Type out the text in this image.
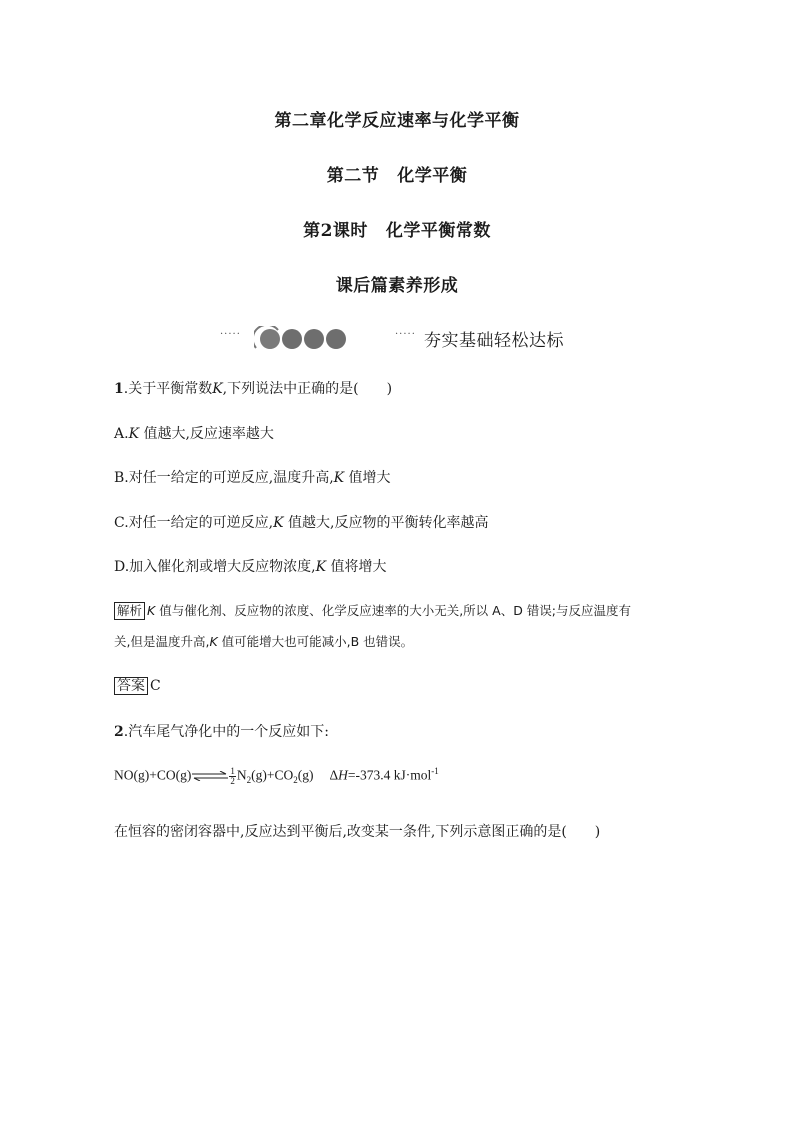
第二章化学反应速率与化学平衡
第二节 化学平衡
第2课时 化学平衡常数
课后篇素养形成
·····	····· 夯实基础轻松达标
1.关于平衡常数K,下列说法中正确的是(　　)
A.K 值越大,反应速率越大
B.对任一给定的可逆反应,温度升高,K 值增大
C.对任一给定的可逆反应,K 值越大,反应物的平衡转化率越高
D.加入催化剂或增大反应物浓度,K 值将增大
解析 K 值与催化剂、反应物的浓度、化学反应速率的大小无关,所以 A、D 错误;与反应温度有
关,但是温度升高,K 值可能增大也可能减小,B 也错误。
答案 C
2.汽车尾气净化中的一个反应如下:
NO(g)+CO(g)⇌ $\frac{1}{2} N_2(g)+CO_2(g)$ ΔH=-373.4 kJ·mol$^{-1}$
在恒容的密闭容器中,反应达到平衡后,改变某一条件,下列示意图正确的是(　　)
